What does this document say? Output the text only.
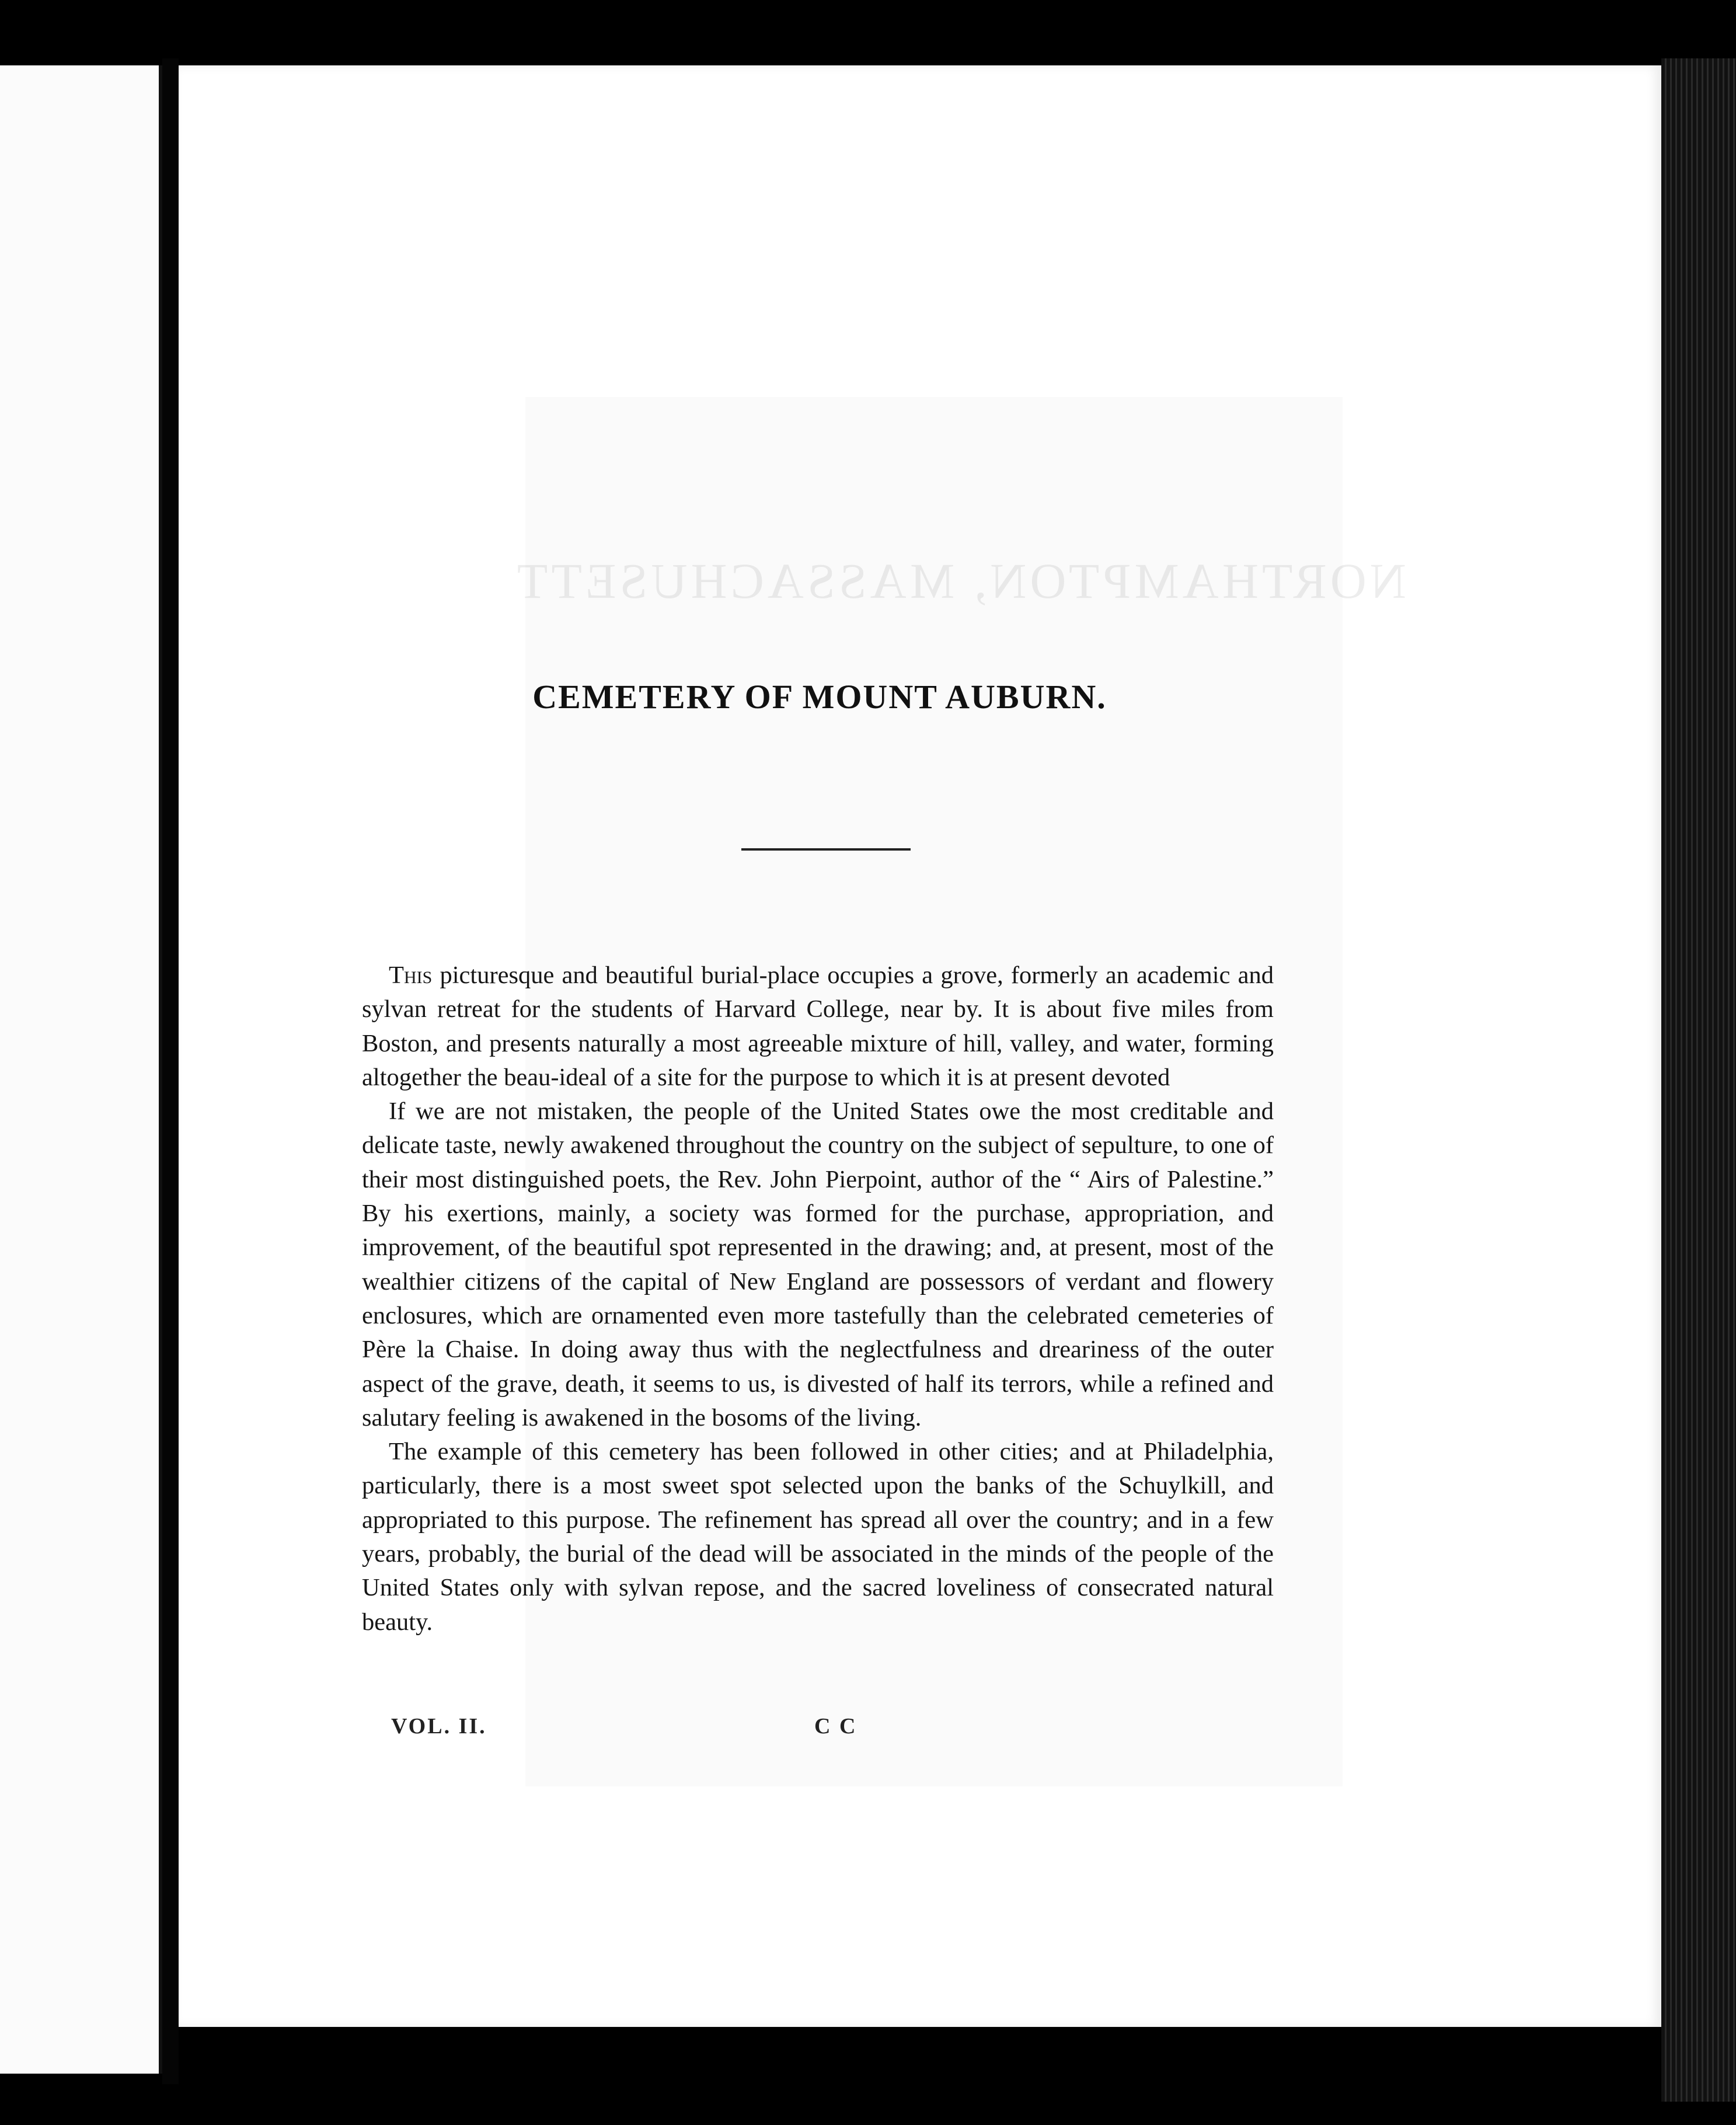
NORTHAMPTON, MASSACHUSETT
CEMETERY OF MOUNT AUBURN.

This picturesque and beautiful burial-place occupies a grove, formerly an academic and sylvan retreat for the students of Harvard College, near by. It is about five miles from Boston, and presents naturally a most agreeable mixture of hill, valley, and water, forming altogether the beau-ideal of a site for the purpose to which it is at present devoted

If we are not mistaken, the people of the United States owe the most creditable and delicate taste, newly awakened throughout the country on the subject of sepulture, to one of their most distinguished poets, the Rev. John Pierpoint, author of the “ Airs of Palestine.” By his exertions, mainly, a society was formed for the purchase, appropriation, and improvement, of the beautiful spot represented in the drawing; and, at present, most of the wealthier citizens of the capital of New England are possessors of verdant and flowery enclosures, which are ornamented even more tastefully than the celebrated cemeteries of Père la Chaise. In doing away thus with the neglectfulness and dreariness of the outer aspect of the grave, death, it seems to us, is divested of half its terrors, while a refined and salutary feeling is awakened in the bosoms of the living.

The example of this cemetery has been followed in other cities; and at Philadelphia, particularly, there is a most sweet spot selected upon the banks of the Schuylkill, and appropriated to this purpose. The refinement has spread all over the country; and in a few years, probably, the burial of the dead will be associated in the minds of the people of the United States only with sylvan repose, and the sacred loveliness of consecrated natural beauty.

VOL. II.	C C
